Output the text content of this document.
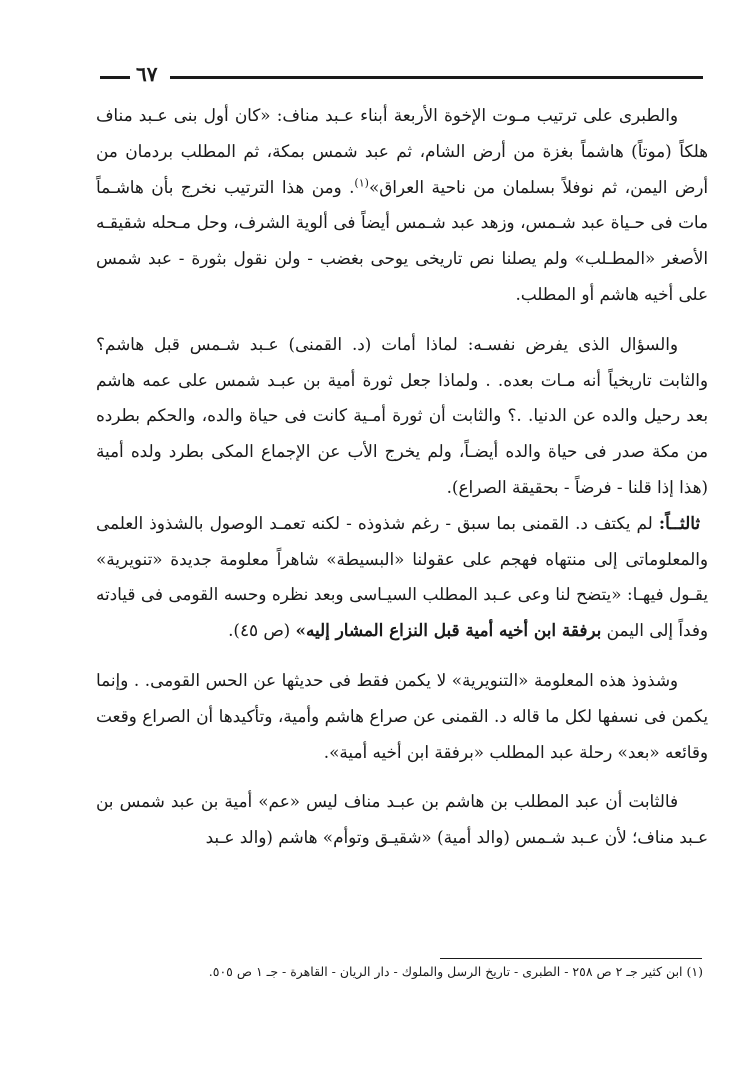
٦٧

والطبرى على ترتيب مـوت الإخوة الأربعة أبناء عـبد مناف: «كان أول بنى عـبد مناف هلكاً (موتاً) هاشماً بغزة من أرض الشام، ثم عبد شمس بمكة، ثم المطلب بردمان من أرض اليمن، ثم نوفلاً بسلمان من ناحية العراق»$^{(١)}$. ومن هذا الترتيب نخرج بأن هاشـماً مات فى حـياة عبد شـمس، وزهد عبد شـمس أيضاً فى ألوية الشرف، وحل مـحله شقيقـه الأصغر «المطـلب» ولم يصلنا نص تاريخى يوحى بغضب - ولن نقول بثورة - عبد شمس على أخيه هاشم أو المطلب.

والسؤال الذى يفرض نفسـه: لماذا أمات (د. القمنى) عـبد شـمس قبل هاشم؟ والثابت تاريخياً أنه مـات بعده. . ولماذا جعل ثورة أمية بن عبـد شمس على عمه هاشم بعد رحيل والده عن الدنيا. .؟ والثابت أن ثورة أمـية كانت فى حياة والده، والحكم بطرده من مكة صدر فى حياة والده أيضـاً، ولم يخرج الأب عن الإجماع المكى بطرد ولده أمية (هذا إذا قلنا - فرضاً - بحقيقة الصراع).

ثالثــاً: لم يكتف د. القمنى بما سبق - رغم شذوذه - لكنه تعمـد الوصول بالشذوذ العلمى والمعلوماتى إلى منتهاه فهجم على عقولنا «البسيطة» شاهراً معلومة جديدة «تنويرية» يقـول فيهـا: «يتضح لنا وعى عـبد المطلب السيـاسى وبعد نظره وحسه القومى فى قيادته وفداً إلى اليمن برفقة ابن أخيه أمية قبل النزاع المشار إليه» (ص ٤٥).

وشذوذ هذه المعلومة «التنويرية» لا يكمن فقط فى حديثها عن الحس القومى. . وإنما يكمن فى نسفها لكل ما قاله د. القمنى عن صراع هاشم وأمية، وتأكيدها أن الصراع وقعت وقائعه «بعد» رحلة عبد المطلب «برفقة ابن أخيه أمية».

فالثابت أن عبد المطلب بن هاشم بن عبـد مناف ليس «عم» أمية بن عبد شمس بن عـبد مناف؛ لأن عـبد شـمس (والد أمية) «شقيـق وتوأم» هاشم (والد عـبد

(١) ابن كثير جـ ٢ ص ٢٥٨ - الطبرى - تاريخ الرسل والملوك - دار الريان - القاهرة - جـ ١ ص ٥٠٥.
